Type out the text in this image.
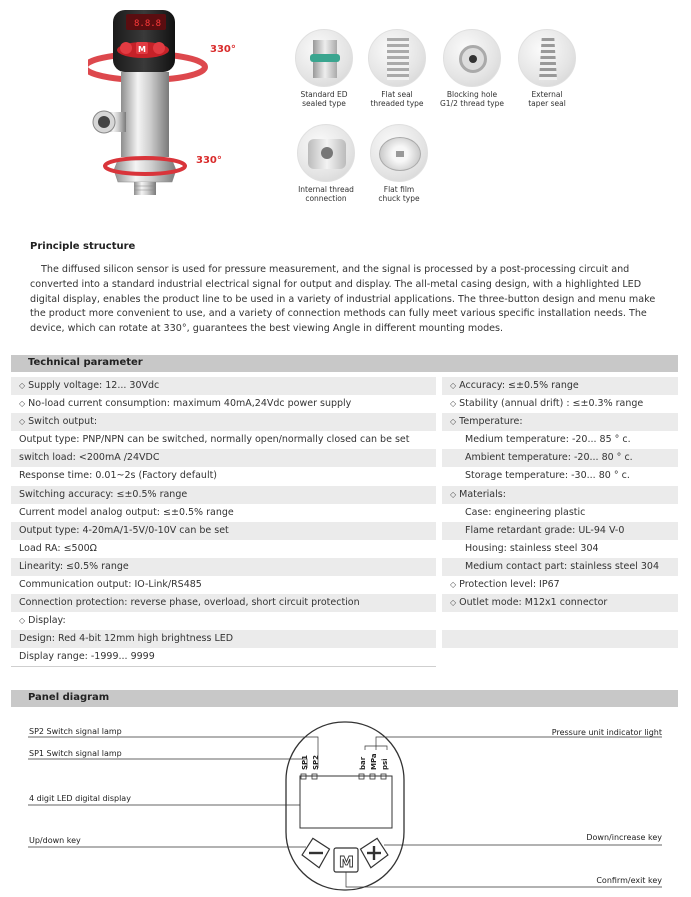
8.8.8
M	330°
330°
Standard ED
sealed type
Flat seal
threaded type
Blocking hole
G1/2 thread type
External
taper seal
Internal thread
connection
Flat film
chuck type
Principle structure
The diffused silicon sensor is used for pressure measurement, and the signal is processed by a post-processing circuit and converted into a standard industrial electrical signal for output and display. The all-metal casing design, with a highlighted LED digital display, enables the product line to be used in a variety of industrial applications. The three-button design and menu make the product more convenient to use, and a variety of connection methods can fully meet various specific installation needs. The device, which can rotate at 330°, guarantees the best viewing Angle in different mounting modes.
Technical parameter
◇ Supply voltage: 12... 30Vdc
◇ No-load current consumption: maximum 40mA,24Vdc power supply
◇ Switch output:
Output type: PNP/NPN can be switched, normally open/normally closed can be set
switch load: <200mA /24VDC
Response time: 0.01~2s (Factory default)
Switching accuracy: ≤±0.5% range
Current model analog output: ≤±0.5% range
Output type: 4-20mA/1-5V/0-10V can be set
Load RA: ≤500Ω
Linearity: ≤0.5% range
Communication output: IO-Link/RS485
Connection protection: reverse phase, overload, short circuit protection
◇ Display:
Design: Red 4-bit 12mm high brightness LED
Display range: -1999... 9999
◇ Accuracy: ≤±0.5% range
◇ Stability (annual drift) : ≤±0.3% range
◇ Temperature:
Medium temperature: -20... 85 ° c.
Ambient temperature: -20... 80 ° c.
Storage temperature: -30... 80 ° c.
◇ Materials:
Case: engineering plastic
Flame retardant grade: UL-94 V-0
Housing: stainless steel 304
Medium contact part: stainless steel 304
◇ Protection level: IP67
◇ Outlet mode: M12x1 connector
Panel diagram
SP1 SP2	bar MPa psi
M
SP2 Switch signal lamp
SP1 Switch signal lamp
4 digit LED digital display
Up/down key
Pressure unit indicator light
Down/increase key
Confirm/exit key
